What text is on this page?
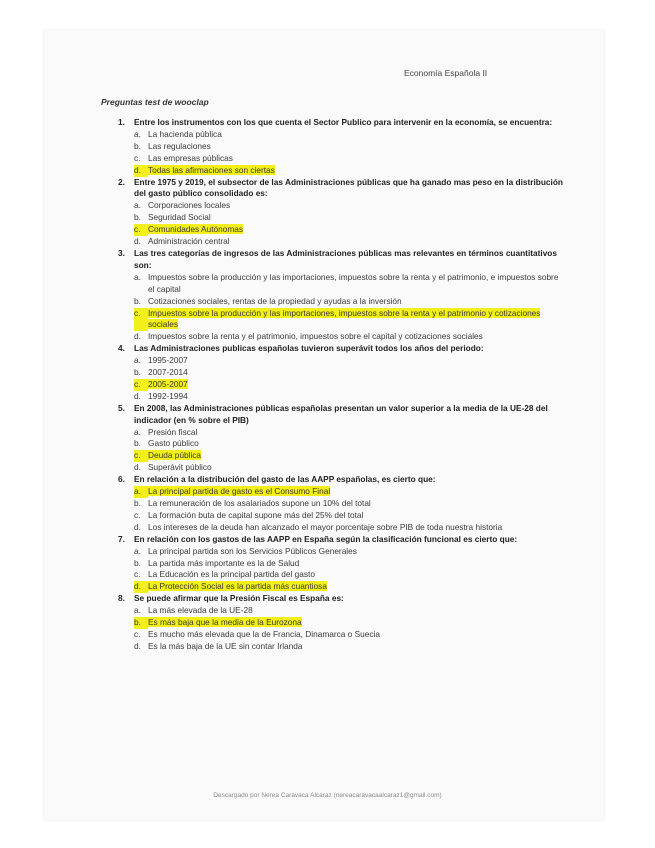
Economía Española II
Preguntas test de wooclap
1.	Entre los instrumentos con los que cuenta el Sector Publico para intervenir en la economía, se encuentra:
a. La hacienda pública
b. Las regulaciones
c. Las empresas públicas
d. Todas las afirmaciones son ciertas
2.	Entre 1975 y 2019, el subsector de las Administraciones públicas que ha ganado mas peso en la distribución del gasto público consolidado es:
a. Corporaciones locales
b. Seguridad Social
c. Comunidades Autónomas
d. Administración central
3.	Las tres categorías de ingresos de las Administraciones públicas mas relevantes en términos cuantitativos son:
a. Impuestos sobre la producción y las importaciones, impuestos sobre la renta y el patrimonio, e impuestos sobre el capital
b. Cotizaciones sociales, rentas de la propiedad y ayudas a la inversión
c. Impuestos sobre la producción y las importaciones, impuestos sobre la renta y el patrimonio y cotizaciones sociales
d. Impuestos sobre la renta y el patrimonio, impuestos sobre el capital y cotizaciones sociales
4.	Las Administraciones publicas españolas tuvieron superávit todos los años del periodo:
a. 1995-2007
b. 2007-2014
c. 2005-2007
d. 1992-1994
5.	En 2008, las Administraciones públicas españolas presentan un valor superior a la media de la UE-28 del indicador (en % sobre el PIB)
a. Presión fiscal
b. Gasto público
c. Deuda pública
d. Superávit público
6.	En relación a la distribución del gasto de las AAPP españolas, es cierto que:
a. La principal partida de gasto es el Consumo Final
b. La remuneración de los asalariados supone un 10% del total
c. La formación buta de capital supone más del 25% del total
d. Los intereses de la deuda han alcanzado el mayor porcentaje sobre PIB de toda nuestra historia
7.	En relación con los gastos de las AAPP en España según la clasificación funcional es cierto que:
a. La principal partida son los Servicios Públicos Generales
b. La partida más importante es la de Salud
c. La Educación es la principal partida del gasto
d. La Protección Social es la partida más cuantiosa
8.	Se puede afirmar que la Presión Fiscal es España es:
a. La más elevada de la UE-28
b. Es más baja que la media de la Eurozona
c. Es mucho más elevada que la de Francia, Dinamarca o Suecia
d. Es la más baja de la UE sin contar Irlanda
Descargado por Nerea Caravaca Alcaraz (nereacaravacaalcaraz1@gmail.com)
